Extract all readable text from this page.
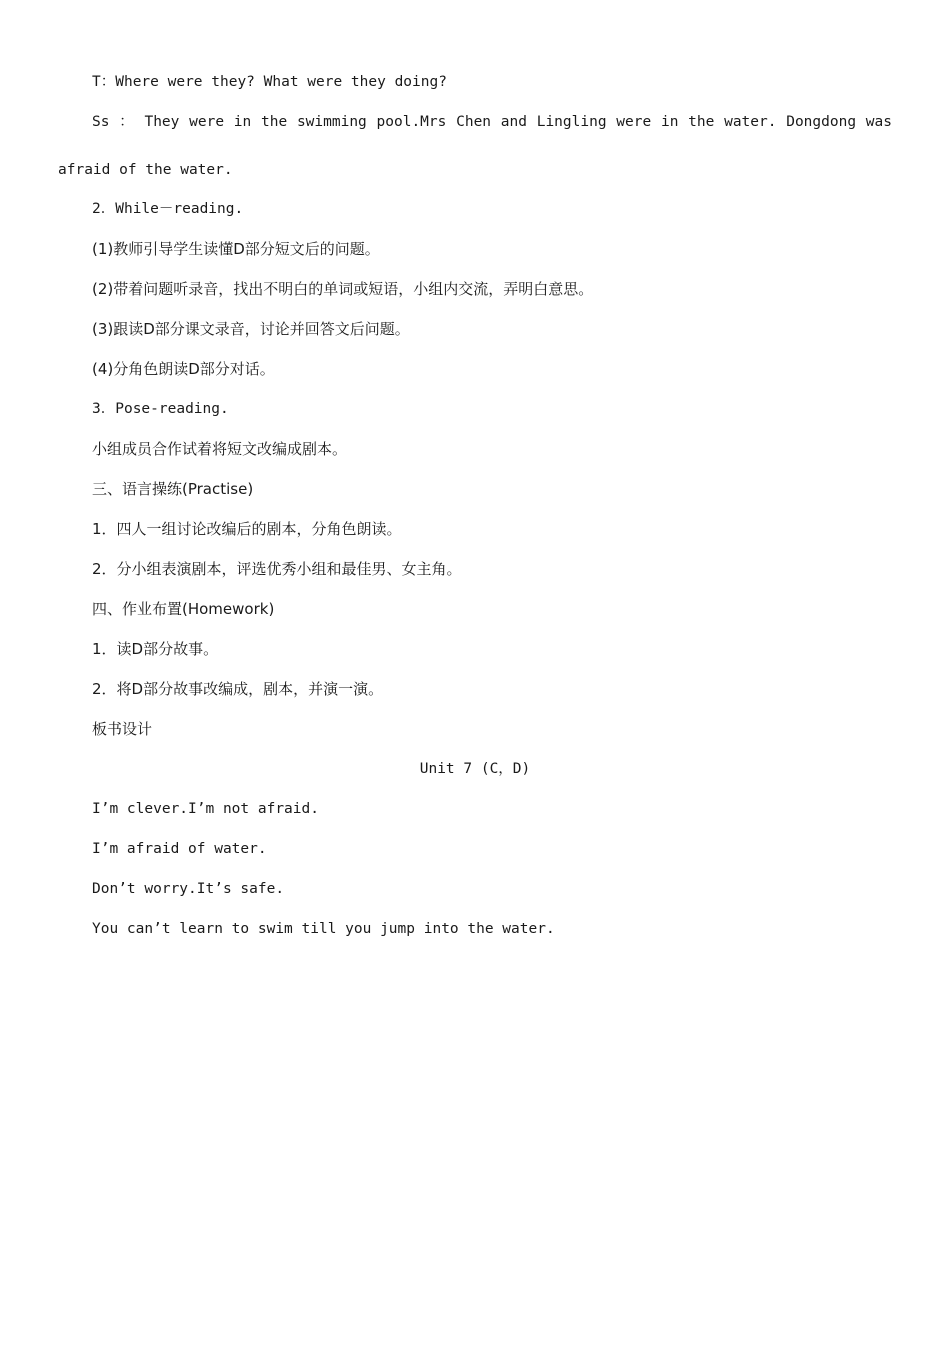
T：Where were they? What were they doing?
Ss ： They were in the swimming pool.Mrs Chen and Lingling were in the water. Dongdong was
afraid of the water.
2．While－reading.
(1)教师引导学生读懂D部分短文后的问题。
(2)带着问题听录音，找出不明白的单词或短语，小组内交流，弄明白意思。
(3)跟读D部分课文录音，讨论并回答文后问题。
(4)分角色朗读D部分对话。
3．Pose-reading.
小组成员合作试着将短文改编成剧本。
三、语言操练(Practise)
1．四人一组讨论改编后的剧本，分角色朗读。
2．分小组表演剧本，评选优秀小组和最佳男、女主角。
四、作业布置(Homework)
1．读D部分故事。
2．将D部分故事改编成，剧本，并演一演。
板书设计
Unit 7 (C，D)
I’m clever.I’m not afraid.
I’m afraid of water.
Don’t worry.It’s safe.
You can’t learn to swim till you jump into the water.
